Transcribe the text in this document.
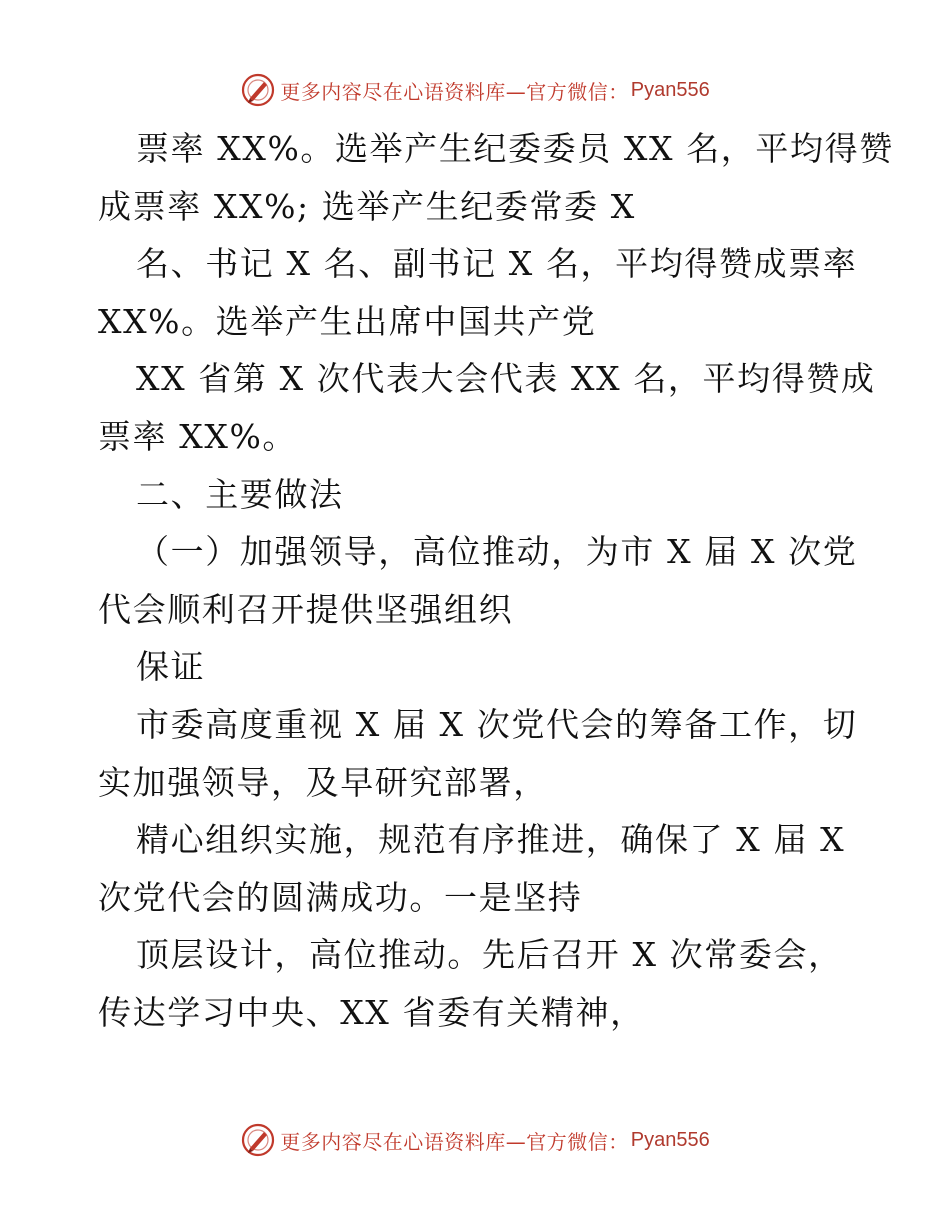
更多内容尽在心语资料库—官方微信： Pyan556
票率 XX%。选举产生纪委委员 XX 名，平均得赞
成票率 XX%; 选举产生纪委常委 X
名、书记 X 名、副书记 X 名，平均得赞成票率
XX%。选举产生出席中国共产党
XX 省第 X 次代表大会代表 XX 名，平均得赞成
票率 XX%。
二、主要做法
（一）加强领导，高位推动，为市 X 届 X 次党
代会顺利召开提供坚强组织
保证
市委高度重视 X 届 X 次党代会的筹备工作，切
实加强领导，及早研究部署，
精心组织实施，规范有序推进，确保了 X 届 X
次党代会的圆满成功。一是坚持
顶层设计，高位推动。先后召开 X 次常委会，
传达学习中央、XX 省委有关精神，
更多内容尽在心语资料库—官方微信： Pyan556
